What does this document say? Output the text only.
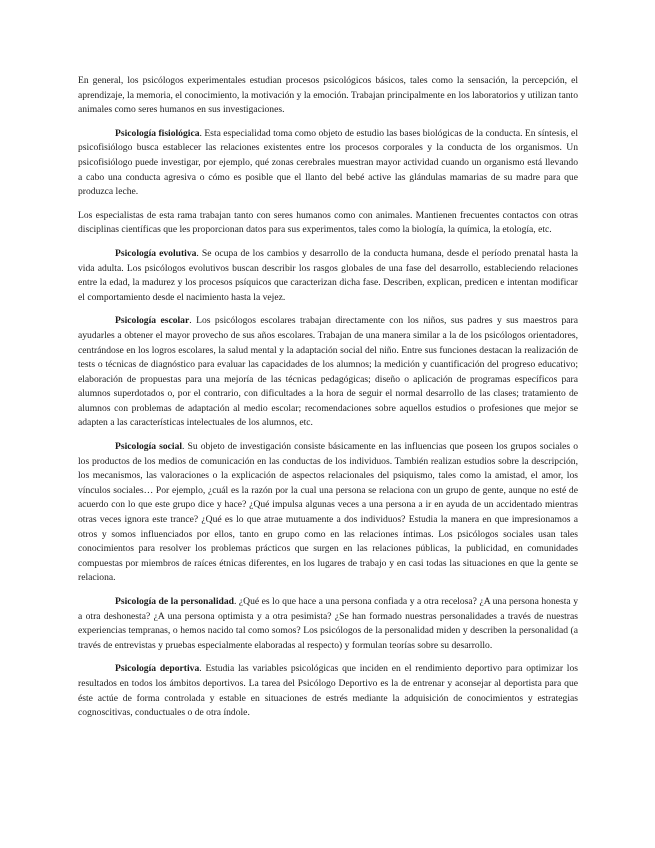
En general, los psicólogos experimentales estudian procesos psicológicos básicos, tales como la sensación, la percepción, el aprendizaje, la memoria, el conocimiento, la motivación y la emoción. Trabajan principalmente en los laboratorios y utilizan tanto animales como seres humanos en sus investigaciones.

Psicología fisiológica. Esta especialidad toma como objeto de estudio las bases biológicas de la conducta. En síntesis, el psicofisiólogo busca establecer las relaciones existentes entre los procesos corporales y la conducta de los organismos. Un psicofisiólogo puede investigar, por ejemplo, qué zonas cerebrales muestran mayor actividad cuando un organismo está llevando a cabo una conducta agresiva o cómo es posible que el llanto del bebé active las glándulas mamarias de su madre para que produzca leche.

Los especialistas de esta rama trabajan tanto con seres humanos como con animales. Mantienen frecuentes contactos con otras disciplinas científicas que les proporcionan datos para sus experimentos, tales como la biología, la química, la etología, etc.

Psicología evolutiva. Se ocupa de los cambios y desarrollo de la conducta humana, desde el período prenatal hasta la vida adulta. Los psicólogos evolutivos buscan describir los rasgos globales de una fase del desarrollo, estableciendo relaciones entre la edad, la madurez y los procesos psíquicos que caracterizan dicha fase. Describen, explican, predicen e intentan modificar el comportamiento desde el nacimiento hasta la vejez.

Psicología escolar. Los psicólogos escolares trabajan directamente con los niños, sus padres y sus maestros para ayudarles a obtener el mayor provecho de sus años escolares. Trabajan de una manera similar a la de los psicólogos orientadores, centrándose en los logros escolares, la salud mental y la adaptación social del niño. Entre sus funciones destacan la realización de tests o técnicas de diagnóstico para evaluar las capacidades de los alumnos; la medición y cuantificación del progreso educativo; elaboración de propuestas para una mejoría de las técnicas pedagógicas; diseño o aplicación de programas específicos para alumnos superdotados o, por el contrario, con dificultades a la hora de seguir el normal desarrollo de las clases; tratamiento de alumnos con problemas de adaptación al medio escolar; recomendaciones sobre aquellos estudios o profesiones que mejor se adapten a las características intelectuales de los alumnos, etc.

Psicología social. Su objeto de investigación consiste básicamente en las influencias que poseen los grupos sociales o los productos de los medios de comunicación en las conductas de los individuos. También realizan estudios sobre la descripción, los mecanismos, las valoraciones o la explicación de aspectos relacionales del psiquismo, tales como la amistad, el amor, los vínculos sociales… Por ejemplo, ¿cuál es la razón por la cual una persona se relaciona con un grupo de gente, aunque no esté de acuerdo con lo que este grupo dice y hace? ¿Qué impulsa algunas veces a una persona a ir en ayuda de un accidentado mientras otras veces ignora este trance? ¿Qué es lo que atrae mutuamente a dos individuos? Estudia la manera en que impresionamos a otros y somos influenciados por ellos, tanto en grupo como en las relaciones íntimas. Los psicólogos sociales usan tales conocimientos para resolver los problemas prácticos que surgen en las relaciones públicas, la publicidad, en comunidades compuestas por miembros de raíces étnicas diferentes, en los lugares de trabajo y en casi todas las situaciones en que la gente se relaciona.

Psicología de la personalidad. ¿Qué es lo que hace a una persona confiada y a otra recelosa? ¿A una persona honesta y a otra deshonesta? ¿A una persona optimista y a otra pesimista? ¿Se han formado nuestras personalidades a través de nuestras experiencias tempranas, o hemos nacido tal como somos? Los psicólogos de la personalidad miden y describen la personalidad (a través de entrevistas y pruebas especialmente elaboradas al respecto) y formulan teorías sobre su desarrollo.

Psicología deportiva. Estudia las variables psicológicas que inciden en el rendimiento deportivo para optimizar los resultados en todos los ámbitos deportivos. La tarea del Psicólogo Deportivo es la de entrenar y aconsejar al deportista para que éste actúe de forma controlada y estable en situaciones de estrés mediante la adquisición de conocimientos y estrategias cognoscitivas, conductuales o de otra índole.
